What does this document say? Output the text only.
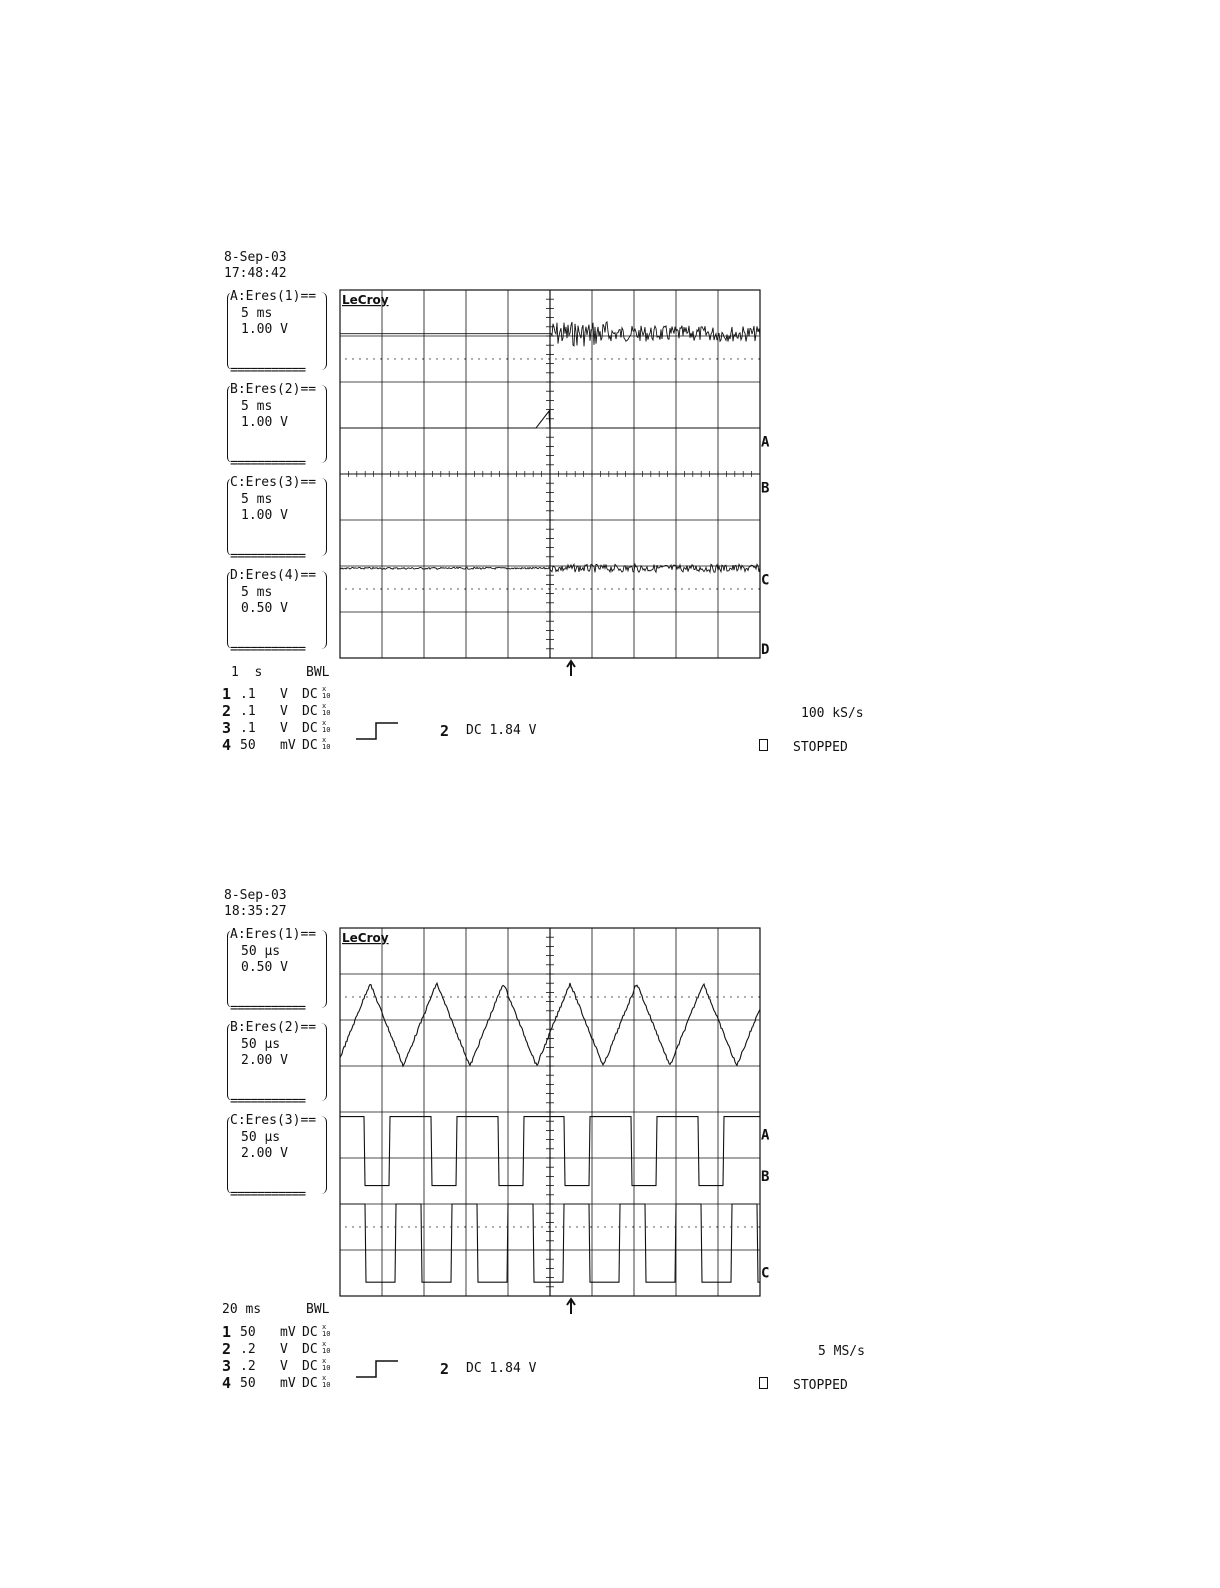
8-Sep-03
17:48:42
A:Eres(1)==
5 ms
1.00 V
===========
B:Eres(2)==
5 ms
1.00 V
===========
C:Eres(3)==
5 ms
1.00 V
===========
D:Eres(4)==
5 ms
0.50 V
===========
LeCroy
A
B
C
D
1  s	BWL
1 .1	V	DC x
10
2 .1	V	DC x
10
3 .1	V	DC x
10
4 50	mV DC x
10
2 DC 1.84 V
100 kS/s
STOPPED
8-Sep-03
18:35:27
A:Eres(1)==
50 μs
0.50 V
===========
B:Eres(2)==
50 μs
2.00 V
===========
C:Eres(3)==
50 μs
2.00 V
===========
LeCroy
A
B
C
20 ms	BWL
1 50	mV DC x
10
2 .2	V	DC x
10
3 .2	V	DC x
10
4 50	mV DC x
10
2 DC 1.84 V
5 MS/s
STOPPED
